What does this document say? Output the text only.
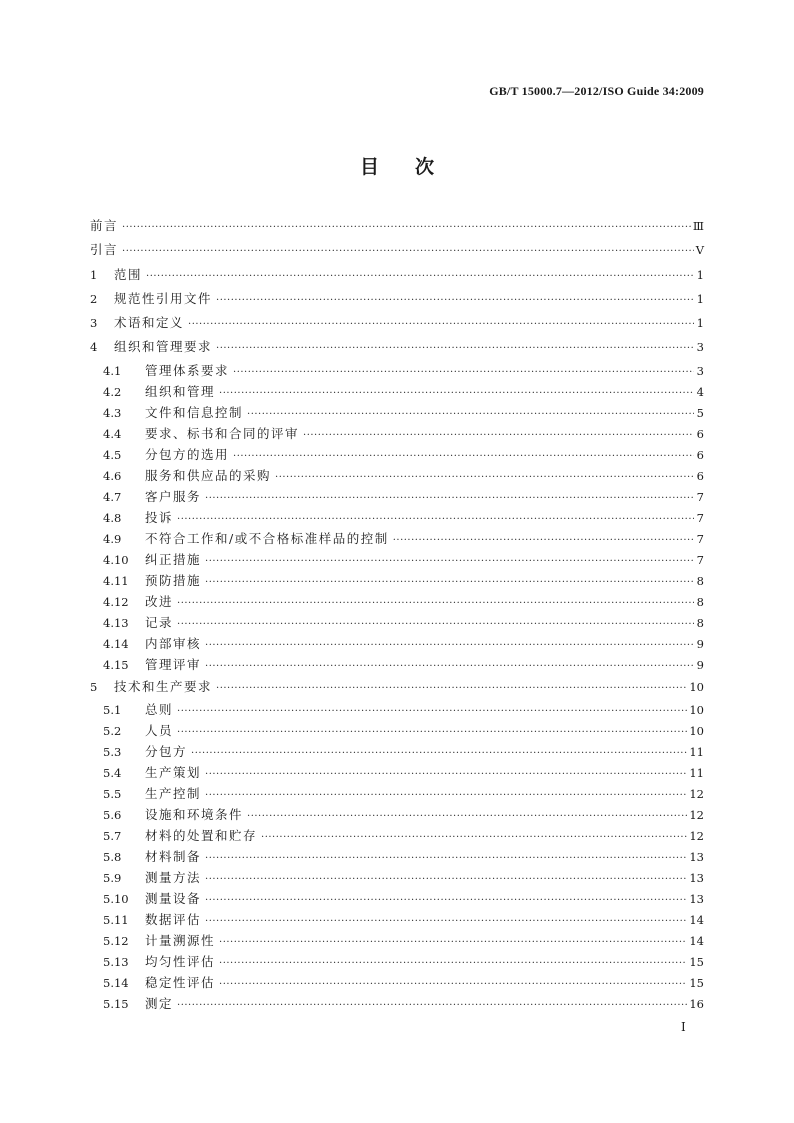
GB/T 15000.7—2012/ISO Guide 34:2009
目次
前言 ·····	Ⅲ
引言 ·····	Ⅴ
1	范围 ·····	1
2	规范性引用文件 ·····	1
3	术语和定义 ·····	1
4	组织和管理要求 ·····	3
4.1	管理体系要求 ·····	3
4.2	组织和管理 ·····	4
4.3	文件和信息控制 ·····	5
4.4	要求、标书和合同的评审 ·····	6
4.5	分包方的选用 ·····	6
4.6	服务和供应品的采购 ·····	6
4.7	客户服务 ·····	7
4.8	投诉 ·····	7
4.9	不符合工作和/或不合格标准样品的控制 ·····	7
4.10	纠正措施 ·····	7
4.11	预防措施 ·····	8
4.12	改进 ·····	8
4.13	记录 ·····	8
4.14	内部审核 ·····	9
4.15	管理评审 ·····	9
5	技术和生产要求 ·····	10
5.1	总则 ·····	10
5.2	人员 ·····	10
5.3	分包方 ·····	11
5.4	生产策划 ·····	11
5.5	生产控制 ·····	12
5.6	设施和环境条件 ·····	12
5.7	材料的处置和贮存 ·····	12
5.8	材料制备 ·····	13
5.9	测量方法 ·····	13
5.10	测量设备 ·····	13
5.11	数据评估 ·····	14
5.12	计量溯源性 ·····	14
5.13	均匀性评估 ·····	15
5.14	稳定性评估 ·····	15
5.15	测定 ·····	16
I
